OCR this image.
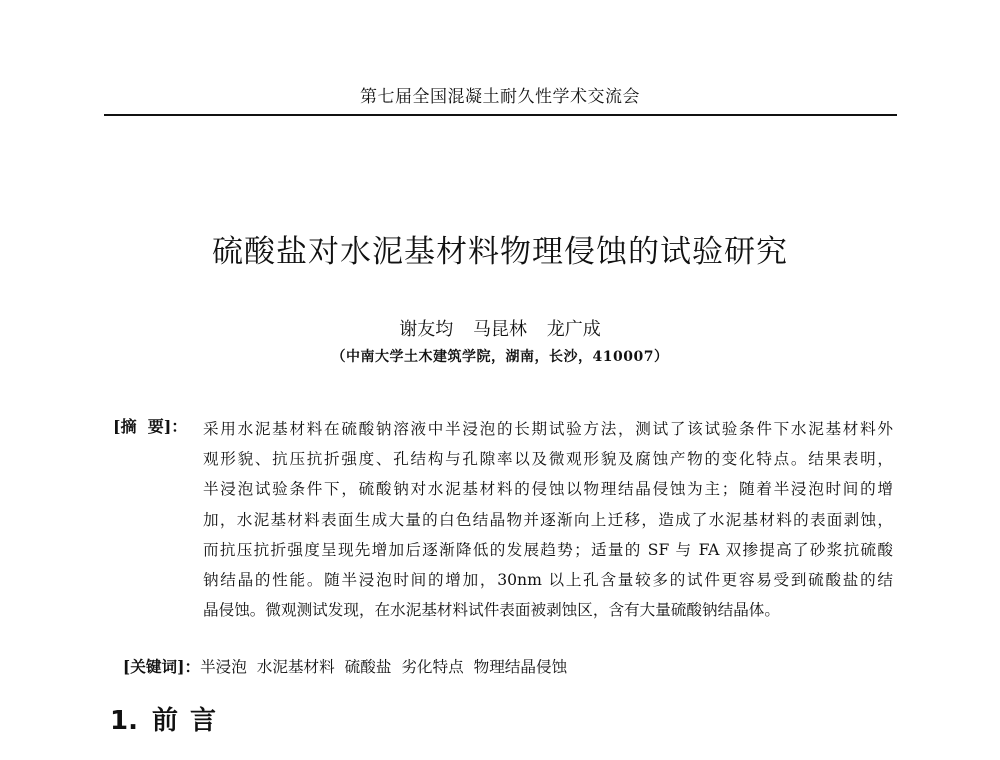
第七届全国混凝土耐久性学术交流会
硫酸盐对水泥基材料物理侵蚀的试验研究
谢友均 马昆林 龙广成
（中南大学土木建筑学院，湖南，长沙，410007）
[摘  要]： 采用水泥基材料在硫酸钠溶液中半浸泡的长期试验方法，测试了该试验条件下水泥基材料外
观形貌、抗压抗折强度、孔结构与孔隙率以及微观形貌及腐蚀产物的变化特点。结果表明，
半浸泡试验条件下，硫酸钠对水泥基材料的侵蚀以物理结晶侵蚀为主；随着半浸泡时间的增
加，水泥基材料表面生成大量的白色结晶物并逐渐向上迁移，造成了水泥基材料的表面剥蚀，
而抗压抗折强度呈现先增加后逐渐降低的发展趋势；适量的 SF 与 FA 双掺提高了砂浆抗硫酸
钠结晶的性能。随半浸泡时间的增加，30nm 以上孔含量较多的试件更容易受到硫酸盐的结
晶侵蚀。微观测试发现，在水泥基材料试件表面被剥蚀区，含有大量硫酸钠结晶体。

[关键词]：半浸泡  水泥基材料  硫酸盐  劣化特点  物理结晶侵蚀

1. 前言
